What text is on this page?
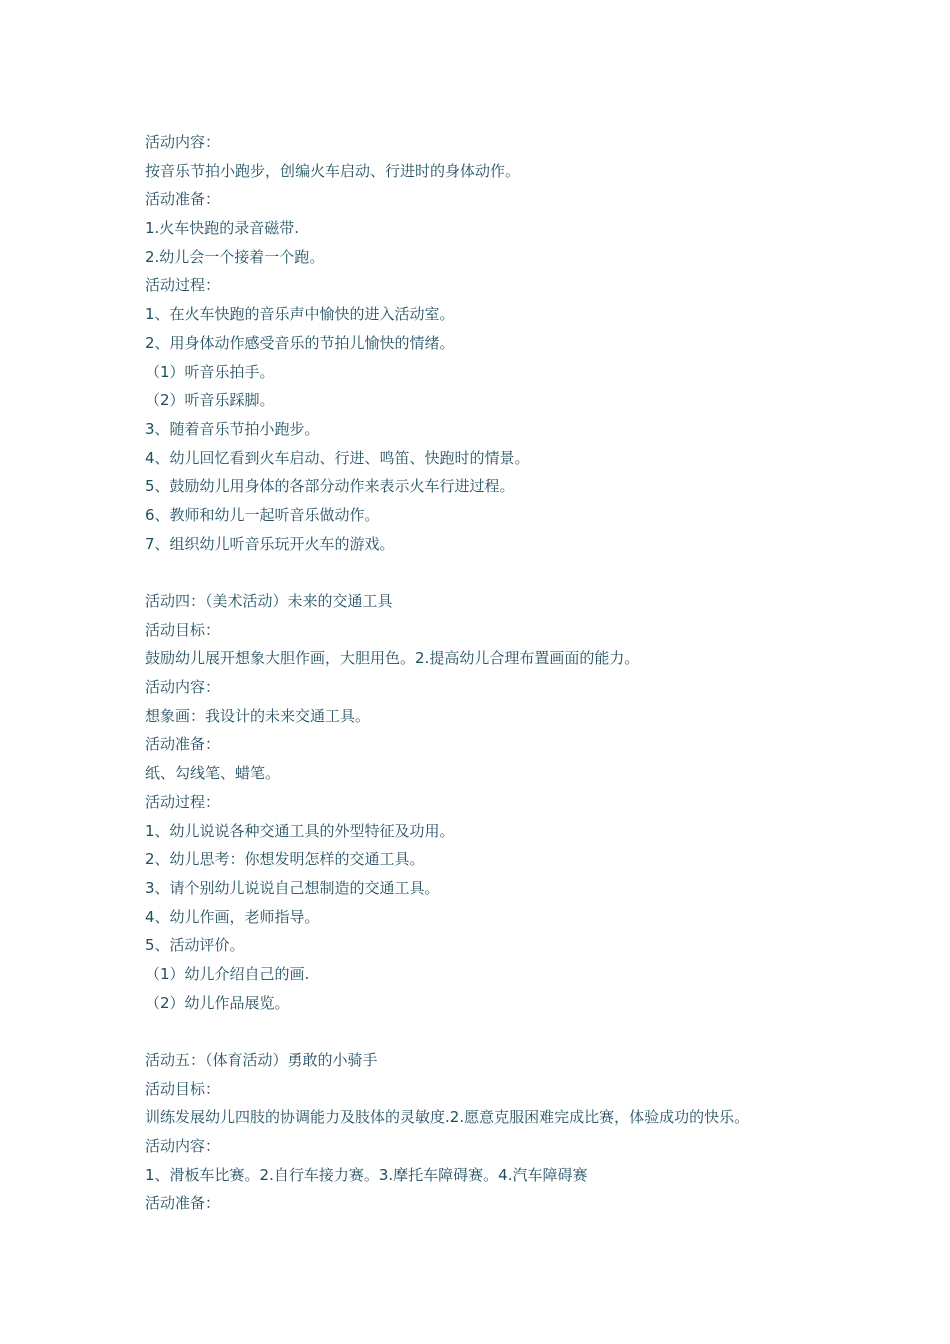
活动内容：
按音乐节拍小跑步，创编火车启动、行进时的身体动作。
活动准备：
1.火车快跑的录音磁带.
2.幼儿会一个接着一个跑。
活动过程：
1、在火车快跑的音乐声中愉快的进入活动室。
2、用身体动作感受音乐的节拍儿愉快的情绪。
（1）听音乐拍手。
（2）听音乐踩脚。
3、随着音乐节拍小跑步。
4、幼儿回忆看到火车启动、行进、鸣笛、快跑时的情景。
5、鼓励幼儿用身体的各部分动作来表示火车行进过程。
6、教师和幼儿一起听音乐做动作。
7、组织幼儿听音乐玩开火车的游戏。
活动四：（美术活动）未来的交通工具
活动目标：
鼓励幼儿展开想象大胆作画，大胆用色。2.提高幼儿合理布置画面的能力。
活动内容：
想象画：我设计的未来交通工具。
活动准备：
纸、勾线笔、蜡笔。
活动过程：
1、幼儿说说各种交通工具的外型特征及功用。
2、幼儿思考：你想发明怎样的交通工具。
3、请个别幼儿说说自己想制造的交通工具。
4、幼儿作画，老师指导。
5、活动评价。
（1）幼儿介绍自己的画.
（2）幼儿作品展览。
活动五：（体育活动）勇敢的小骑手
活动目标：
训练发展幼儿四肢的协调能力及肢体的灵敏度.2.愿意克服困难完成比赛，体验成功的快乐。
活动内容：
1、滑板车比赛。2.自行车接力赛。3.摩托车障碍赛。4.汽车障碍赛
活动准备：
